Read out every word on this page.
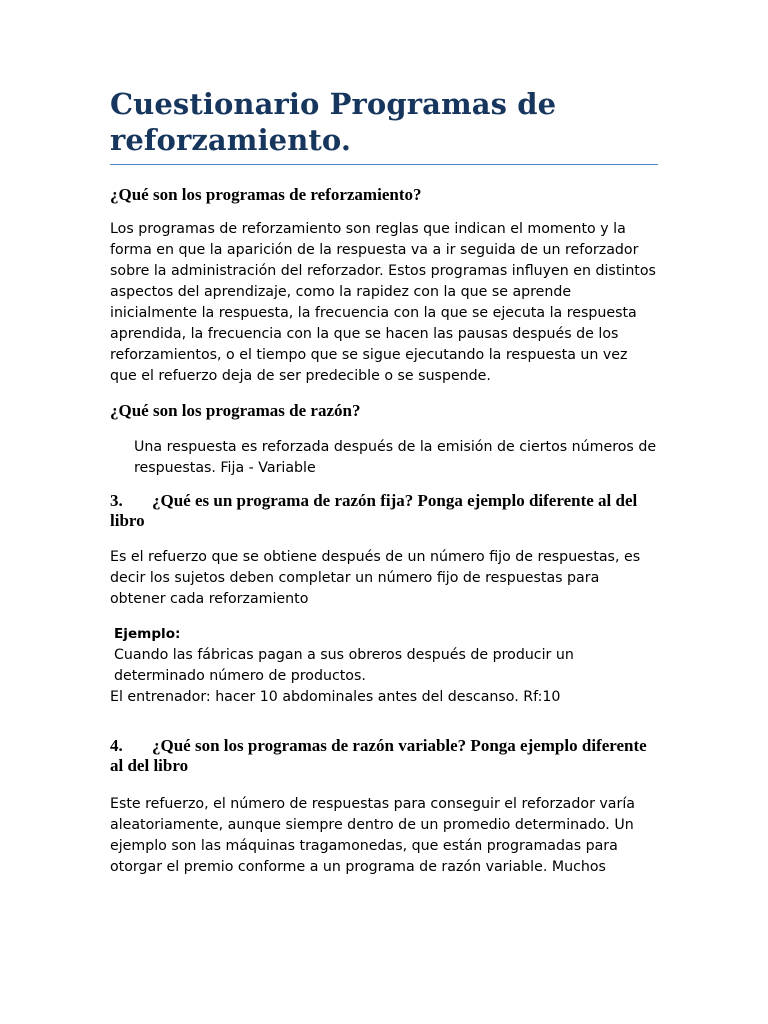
Cuestionario Programas de reforzamiento.
¿Qué son los programas de reforzamiento?

Los programas de reforzamiento son reglas que indican el momento y la forma en que la aparición de la respuesta va a ir seguida de un reforzador sobre la administración del reforzador. Estos programas influyen en distintos aspectos del aprendizaje, como la rapidez con la que se aprende inicialmente la respuesta, la frecuencia con la que se ejecuta la respuesta aprendida, la frecuencia con la que se hacen las pausas después de los reforzamientos, o el tiempo que se sigue ejecutando la respuesta un vez que el refuerzo deja de ser predecible o se suspende.

¿Qué son los programas de razón?

Una respuesta es reforzada después de la emisión de ciertos números de respuestas. Fija - Variable

3. ¿Qué es un programa de razón fija? Ponga ejemplo diferente al del libro

Es el refuerzo que se obtiene después de un número fijo de respuestas, es decir los sujetos deben completar un número fijo de respuestas para obtener cada reforzamiento

Ejemplo:

Cuando las fábricas pagan a sus obreros después de producir un determinado número de productos.

El entrenador: hacer 10 abdominales antes del descanso. Rf:10

4. ¿Qué son los programas de razón variable? Ponga ejemplo diferente al del libro

Este refuerzo, el número de respuestas para conseguir el reforzador varía aleatoriamente, aunque siempre dentro de un promedio determinado. Un ejemplo son las máquinas tragamonedas, que están programadas para otorgar el premio conforme a un programa de razón variable. Muchos
